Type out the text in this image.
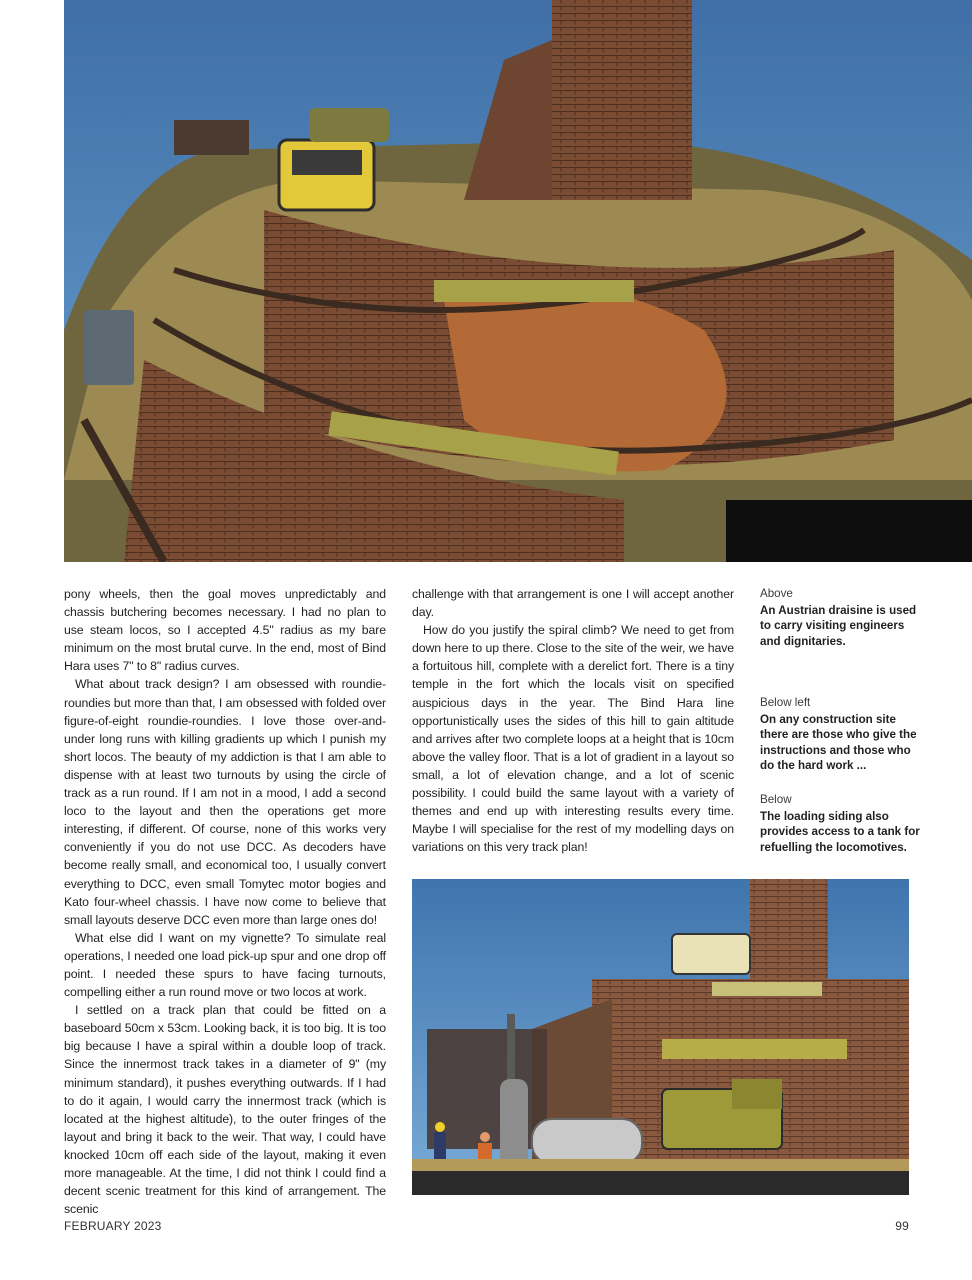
pony wheels, then the goal moves unpredictably and chassis butchering becomes necessary. I had no plan to use steam locos, so I accepted 4.5" radius as my bare minimum on the most brutal curve. In the end, most of Bind Hara uses 7" to 8" radius curves.

What about track design? I am obsessed with roundie-roundies but more than that, I am obsessed with folded over figure-of-eight roundie-roundies. I love those over-and-under long runs with killing gradients up which I punish my short locos. The beauty of my addiction is that I am able to dispense with at least two turnouts by using the circle of track as a run round. If I am not in a mood, I add a second loco to the layout and then the operations get more interesting, if different. Of course, none of this works very conveniently if you do not use DCC. As decoders have become really small, and economical too, I usually convert everything to DCC, even small Tomytec motor bogies and Kato four-wheel chassis. I have now come to believe that small layouts deserve DCC even more than large ones do!

What else did I want on my vignette? To simulate real operations, I needed one load pick-up spur and one drop off point. I needed these spurs to have facing turnouts, compelling either a run round move or two locos at work.

I settled on a track plan that could be fitted on a baseboard 50cm x 53cm. Looking back, it is too big. It is too big because I have a spiral within a double loop of track. Since the innermost track takes in a diameter of 9" (my minimum standard), it pushes everything outwards. If I had to do it again, I would carry the innermost track (which is located at the highest altitude), to the outer fringes of the layout and bring it back to the weir. That way, I could have knocked 10cm off each side of the layout, making it even more manageable. At the time, I did not think I could find a decent scenic treatment for this kind of arrangement. The scenic

challenge with that arrangement is one I will accept another day.

How do you justify the spiral climb? We need to get from down here to up there. Close to the site of the weir, we have a fortuitous hill, complete with a derelict fort. There is a tiny temple in the fort which the locals visit on specified auspicious days in the year. The Bind Hara line opportunistically uses the sides of this hill to gain altitude and arrives after two complete loops at a height that is 10cm above the valley floor. That is a lot of gradient in a layout so small, a lot of elevation change, and a lot of scenic possibility. I could build the same layout with a variety of themes and end up with interesting results every time. Maybe I will specialise for the rest of my modelling days on variations on this very track plan!

Above
An Austrian draisine is used to carry visiting engineers and dignitaries.
Below left
On any construction site there are those who give the instructions and those who do the hard work ...
Below
The loading siding also provides access to a tank for refuelling the locomotives.
FEBRUARY 2023	99
